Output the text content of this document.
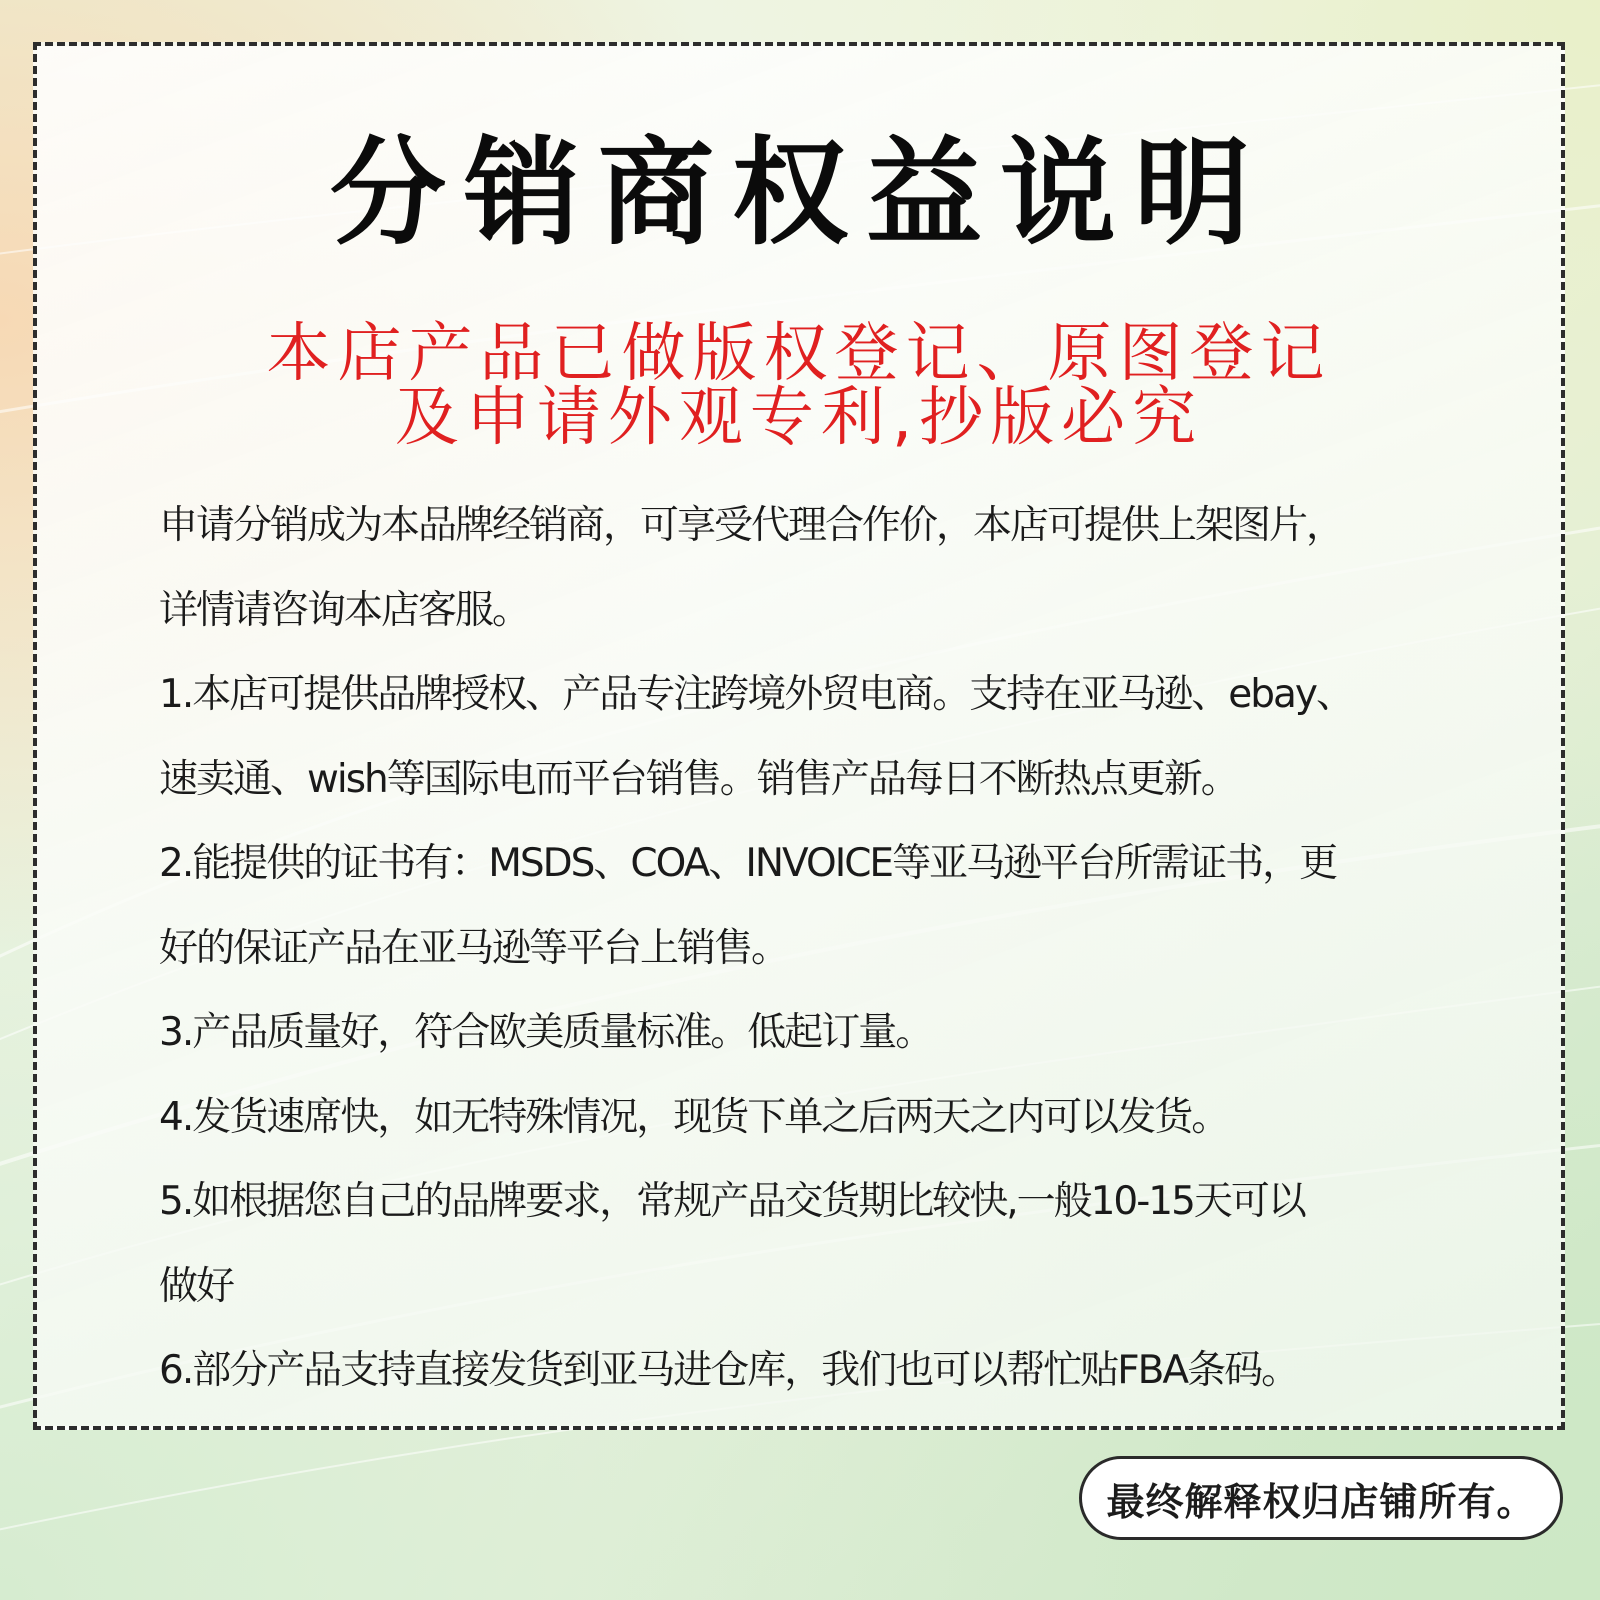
分销商权益说明
本店产品已做版权登记、原图登记
及申请外观专利,抄版必究
申请分销成为本品牌经销商，可享受代理合作价，本店可提供上架图片，
详情请咨询本店客服。
1.本店可提供品牌授权、产品专注跨境外贸电商。支持在亚马逊、ebay、
速卖通、wish等国际电而平台销售。销售产品每日不断热点更新。
2.能提供的证书有：MSDS、COA、INVOICE等亚马逊平台所需证书，更
好的保证产品在亚马逊等平台上销售。
3.产品质量好，符合欧美质量标准。低起订量。
4.发货速席快，如无特殊情况，现货下单之后两天之内可以发货。
5.如根据您自己的品牌要求，常规产品交货期比较快,一般10-15天可以
做好
6.部分产品支持直接发货到亚马进仓库，我们也可以帮忙贴FBA条码。
最终解释权归店铺所有。
